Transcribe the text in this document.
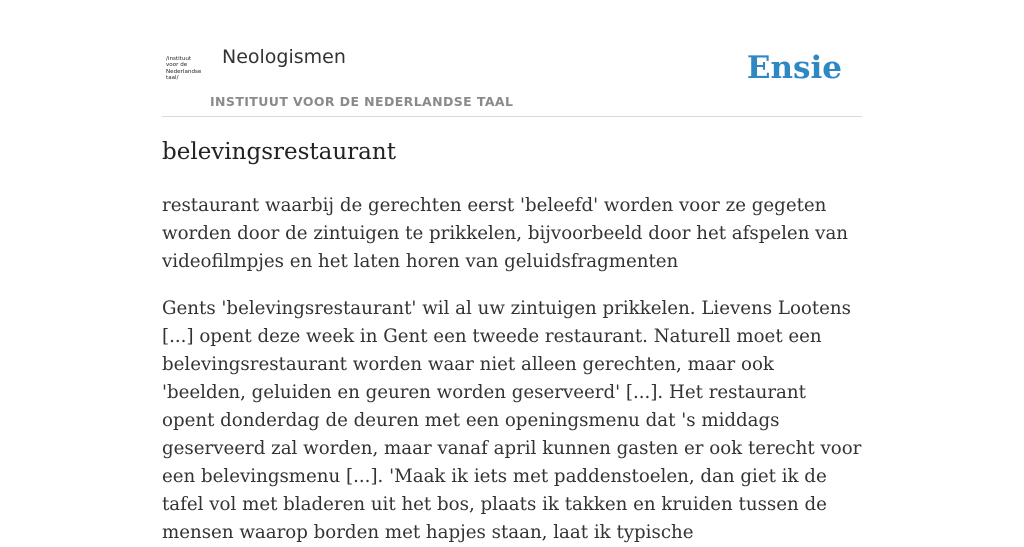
/instituut
voor de
Nederlandse
taal/
Neologismen
INSTITUUT VOOR DE NEDERLANDSE TAAL
Ensie
belevingsrestaurant

restaurant waarbij de gerechten eerst 'beleefd' worden voor ze gegeten worden door de zintuigen te prikkelen, bijvoorbeeld door het afspelen van videofilmpjes en het laten horen van geluidsfragmenten

Gents 'belevingsrestaurant' wil al uw zintuigen prikkelen. Lievens Lootens [...] opent deze week in Gent een tweede restaurant. Naturell moet een belevingsrestaurant worden waar niet alleen gerechten, maar ook 'beelden, geluiden en geuren worden geserveerd' [...]. Het restaurant opent donderdag de deuren met een openingsmenu dat 's middags geserveerd zal worden, maar vanaf april kunnen gasten er ook terecht voor een belevingsmenu [...]. 'Maak ik iets met paddenstoelen, dan giet ik de tafel vol met bladeren uit het bos, plaats ik takken en kruiden tussen de mensen waarop borden met hapjes staan, laat ik typische
